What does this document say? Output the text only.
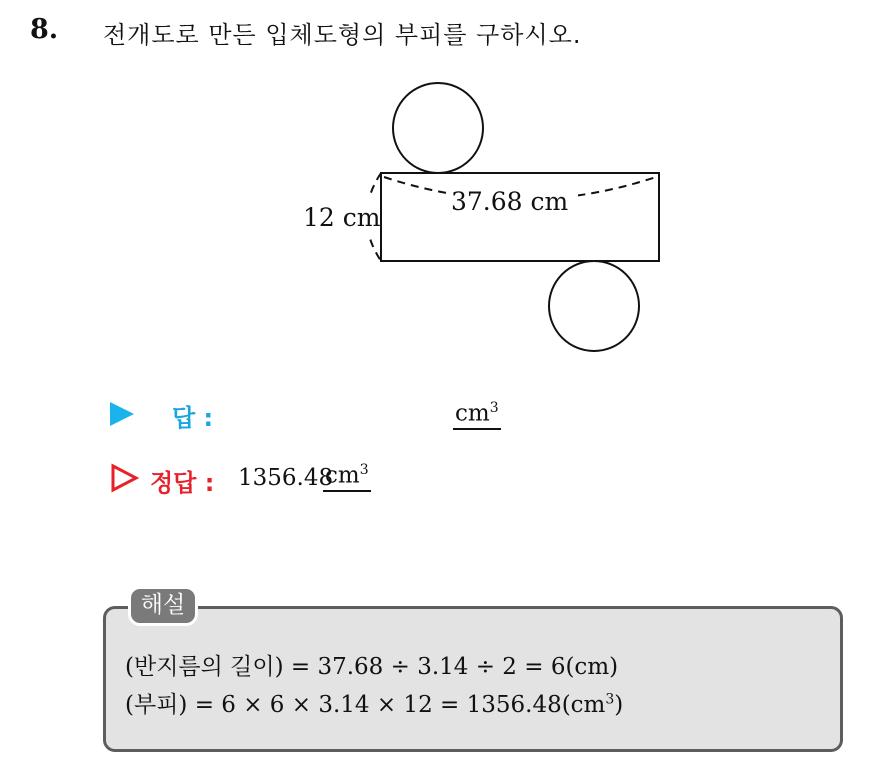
8. 전개도로 만든 입체도형의 부피를 구하시오.
12 cm
37.68 cm
답 :	$cm^3$
정답 : 1356.48
$cm^3$
해설
(반지름의 길이) = 37.68 ÷ 3.14 ÷ 2 = 6(cm)
(부피) = $6 \times 6 \times 3.14 \times 12 = 1356.48(cm^3)$
